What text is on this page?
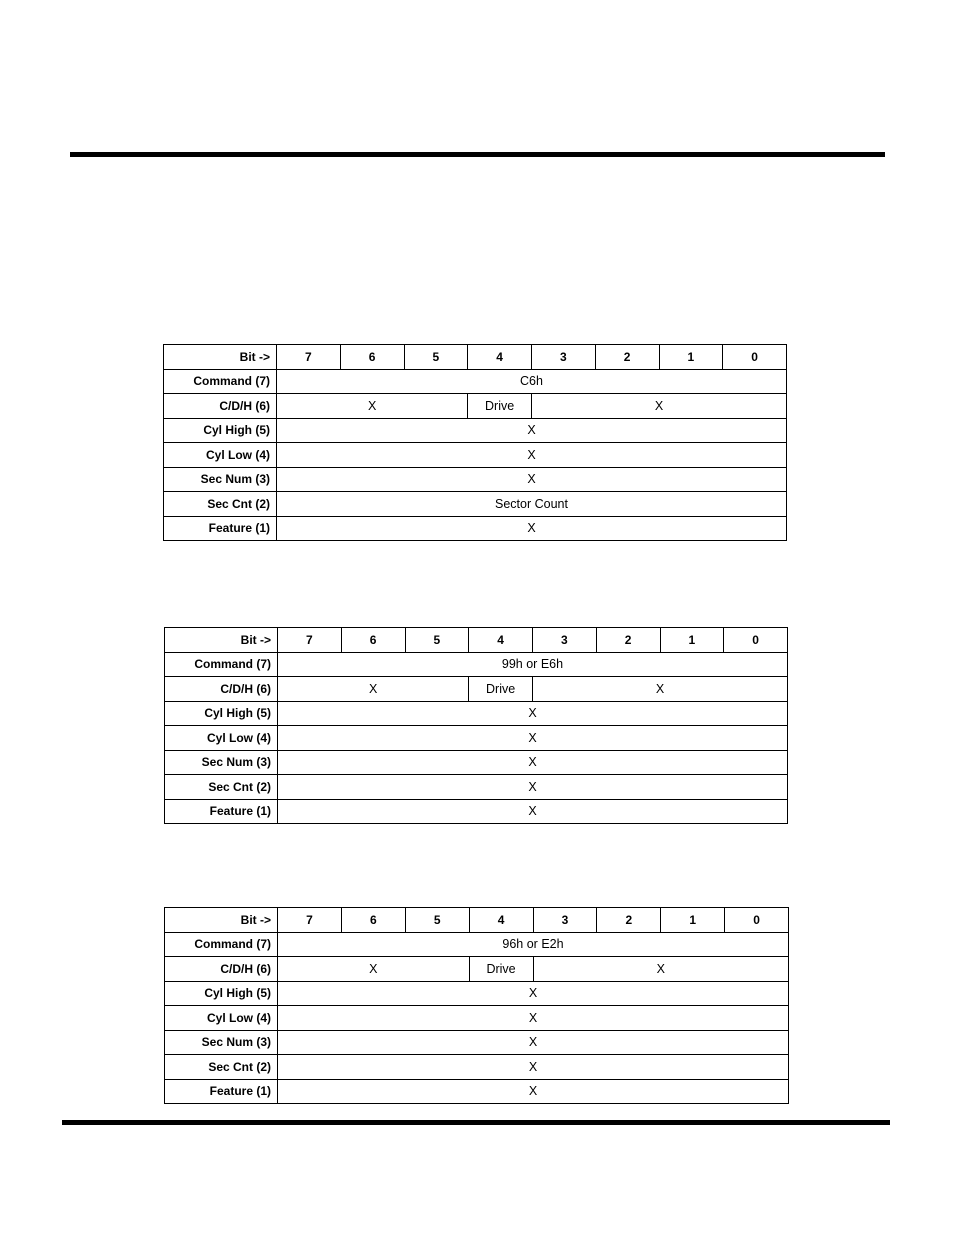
Bit ->	7	6	5	4	3	2	1	0
Command (7)	C6h							
C/D/H (6)	X			Drive	X			
Cyl High (5)	X							
Cyl Low (4)	X							
Sec Num (3)	X							
Sec Cnt (2)	Sector Count							
Feature (1)	X							
Bit ->	7	6	5	4	3	2	1	0
Command (7)	99h or E6h							
C/D/H (6)	X			Drive	X			
Cyl High (5)	X							
Cyl Low (4)	X							
Sec Num (3)	X							
Sec Cnt (2)	X							
Feature (1)	X							
Bit ->	7	6	5	4	3	2	1	0
Command (7)	96h or E2h							
C/D/H (6)	X			Drive	X			
Cyl High (5)	X							
Cyl Low (4)	X							
Sec Num (3)	X							
Sec Cnt (2)	X							
Feature (1)	X							
